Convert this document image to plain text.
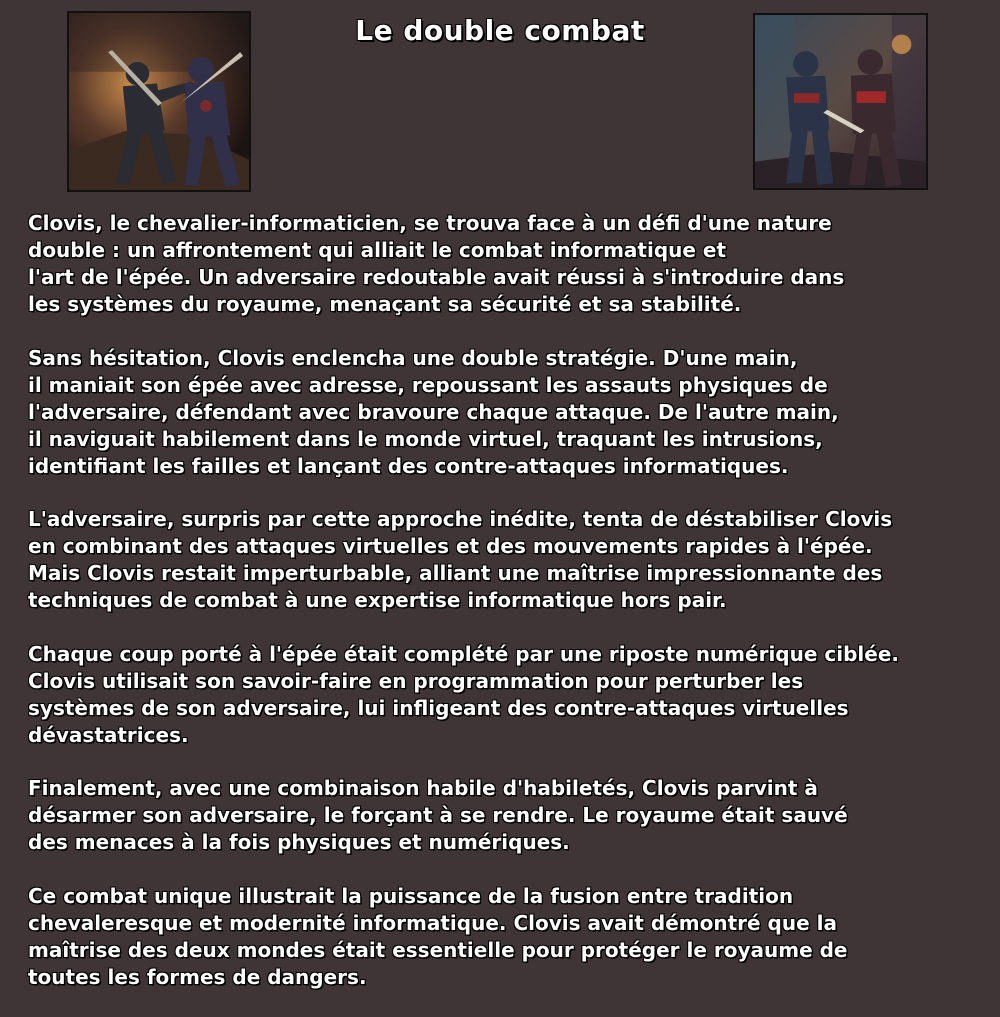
Le double combat

Clovis, le chevalier-informaticien, se trouva face à un défi d'une nature
double : un affrontement qui alliait le combat informatique et
l'art de l'épée. Un adversaire redoutable avait réussi à s'introduire dans
les systèmes du royaume, menaçant sa sécurité et sa stabilité.

Sans hésitation, Clovis enclencha une double stratégie. D'une main,
il maniait son épée avec adresse, repoussant les assauts physiques de
l'adversaire, défendant avec bravoure chaque attaque. De l'autre main,
il naviguait habilement dans le monde virtuel, traquant les intrusions,
identifiant les failles et lançant des contre-attaques informatiques.

L'adversaire, surpris par cette approche inédite, tenta de déstabiliser Clovis
en combinant des attaques virtuelles et des mouvements rapides à l'épée.
Mais Clovis restait imperturbable, alliant une maîtrise impressionnante des
techniques de combat à une expertise informatique hors pair.

Chaque coup porté à l'épée était complété par une riposte numérique ciblée.
Clovis utilisait son savoir-faire en programmation pour perturber les
systèmes de son adversaire, lui infligeant des contre-attaques virtuelles
dévastatrices.

Finalement, avec une combinaison habile d'habiletés, Clovis parvint à
désarmer son adversaire, le forçant à se rendre. Le royaume était sauvé
des menaces à la fois physiques et numériques.

Ce combat unique illustrait la puissance de la fusion entre tradition
chevaleresque et modernité informatique. Clovis avait démontré que la
maîtrise des deux mondes était essentielle pour protéger le royaume de
toutes les formes de dangers.
